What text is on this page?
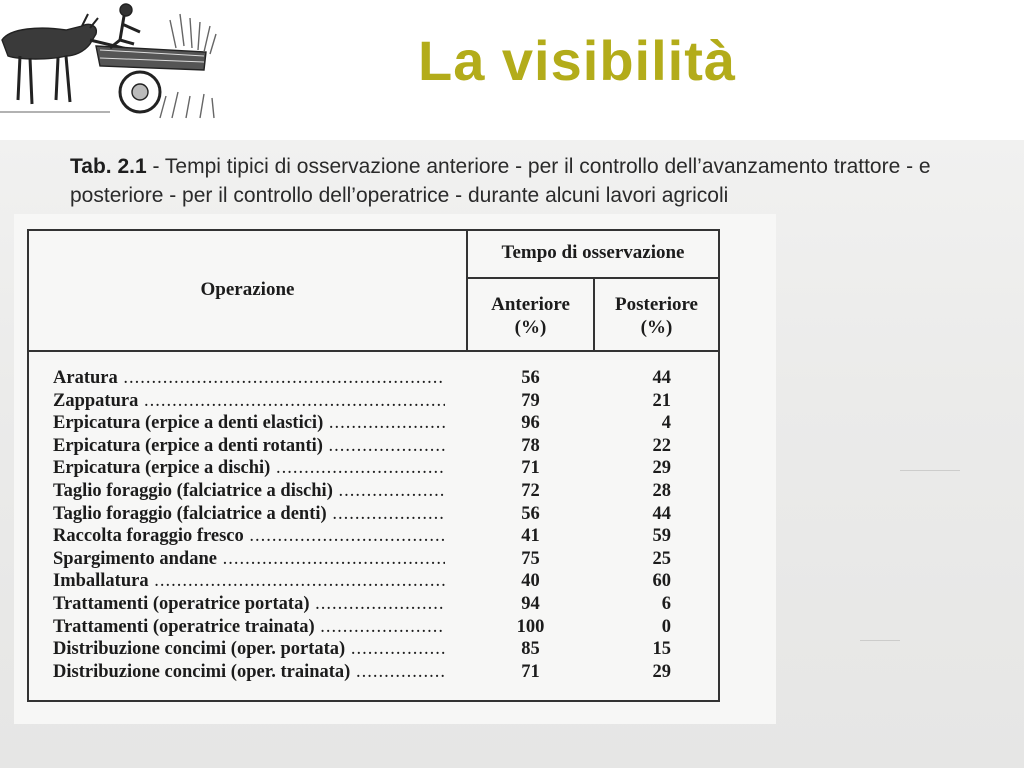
La visibilità
Tab. 2.1 - Tempi tipici di osservazione anteriore - per il controllo dell’avanzamento trattore - e posteriore - per il controllo dell’operatrice - durante alcuni lavori agricoli
Operazione
Tempo di osservazione
Anteriore
(%)
Posteriore
(%)
Aratura .....	56	44
Zappatura .....	79	21
Erpicatura (erpice a denti elastici) .....	96	4
Erpicatura (erpice a denti rotanti) .....	78	22
Erpicatura (erpice a dischi) .....	71	29
Taglio foraggio (falciatrice a dischi) .....	72	28
Taglio foraggio (falciatrice a denti) .....	56	44
Raccolta foraggio fresco .....	41	59
Spargimento andane .....	75	25
Imballatura .....	40	60
Trattamenti (operatrice portata) .....	94	6
Trattamenti (operatrice trainata) .....	100	0
Distribuzione concimi (oper. portata) .....	85	15
Distribuzione concimi (oper. trainata) .....	71	29
